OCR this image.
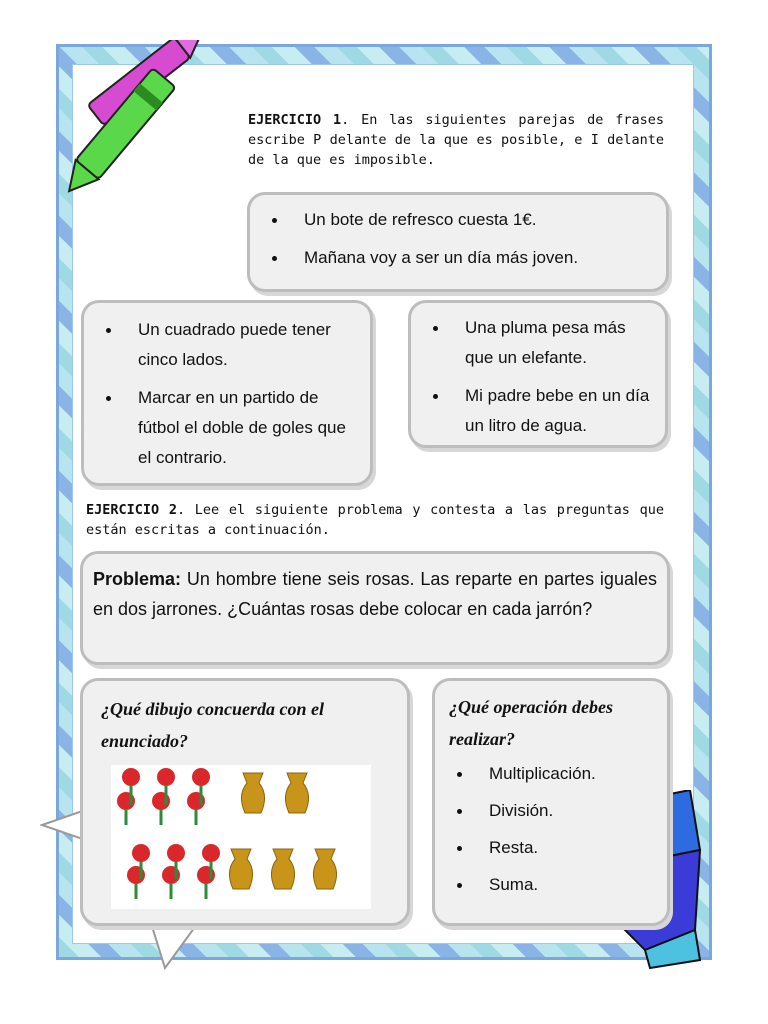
EJERCICIO 1. En las siguientes parejas de frases escribe P delante de la que es posible, e I delante de la que es imposible.
Un bote de refresco cuesta 1€.
Mañana voy a ser un día más joven.
Un cuadrado puede tener cinco lados.
Marcar en un partido de fútbol el doble de goles que el contrario.
Una pluma pesa más que un elefante.
Mi padre bebe en un día un litro de agua.
EJERCICIO 2. Lee el siguiente problema y contesta a las preguntas que están escritas a continuación.
Problema: Un hombre tiene seis rosas. Las reparte en partes iguales en dos jarrones. ¿Cuántas rosas debe colocar en cada jarrón?
¿Qué dibujo concuerda con el enunciado?
¿Qué operación debes realizar?
Multiplicación.
División.
Resta.
Suma.
